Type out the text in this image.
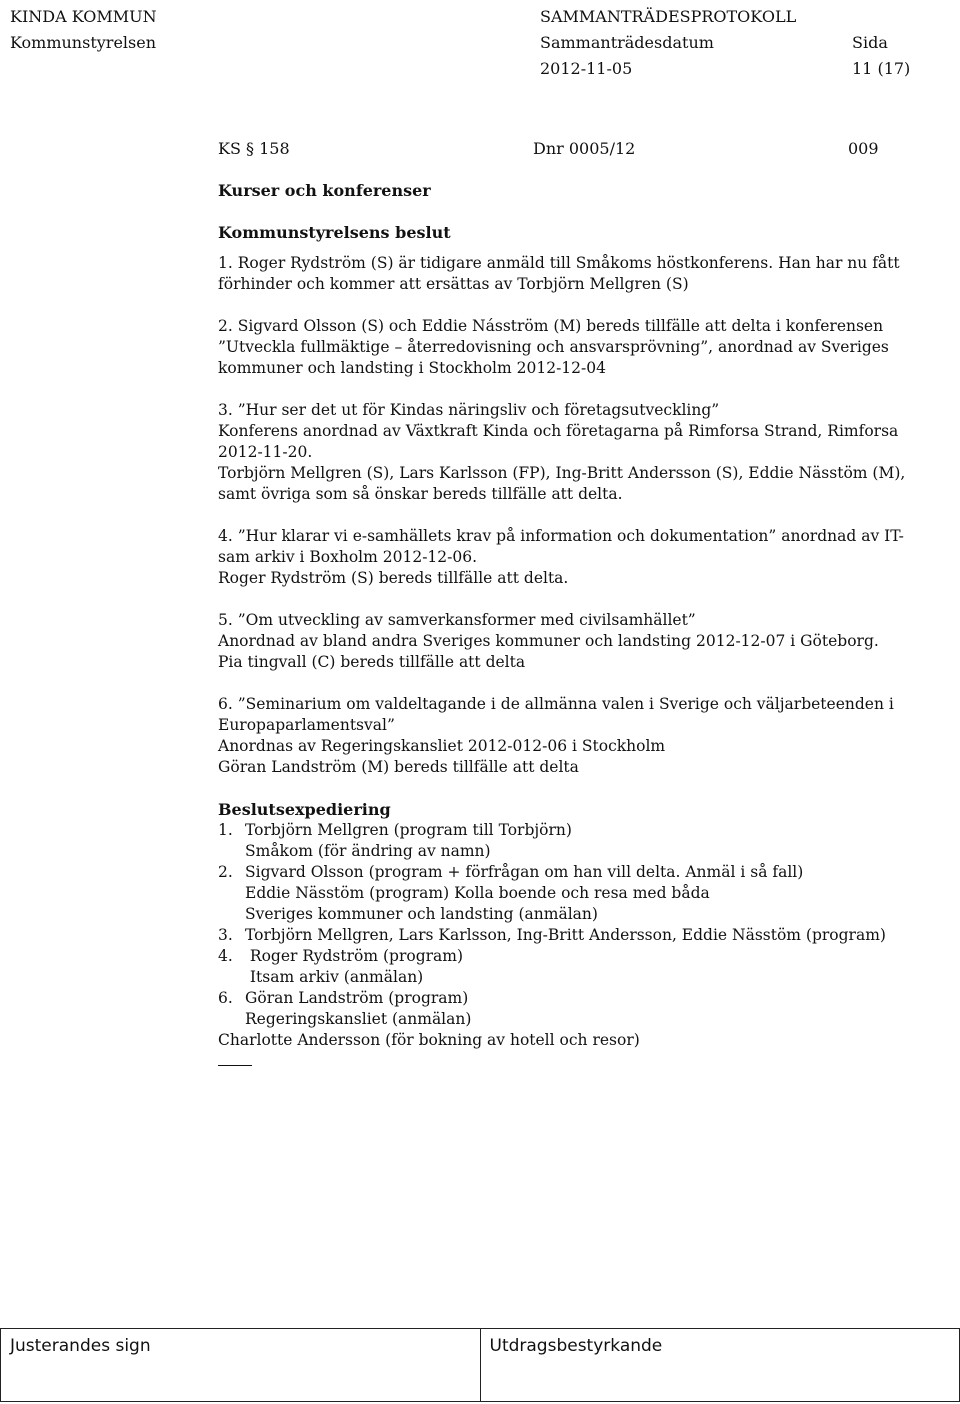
KINDA KOMMUN
Kommunstyrelsen
SAMMANTRÄDESPROTOKOLL
Sammanträdesdatum
2012-11-05
Sida
11 (17)
KS § 158	Dnr 0005/12	009
Kurser och konferenser
Kommunstyrelsens beslut

1. Roger Rydström (S) är tidigare anmäld till Småkoms höstkonferens. Han har nu fått

förhinder och kommer att ersättas av Torbjörn Mellgren (S)

2. Sigvard Olsson (S) och Eddie Násström (M) bereds tillfälle att delta i konferensen

”Utveckla fullmäktige – återredovisning och ansvarsprövning”, anordnad av Sveriges

kommuner och landsting i Stockholm 2012-12-04

3. ”Hur ser det ut för Kindas näringsliv och företagsutveckling”

Konferens anordnad av Växtkraft Kinda och företagarna på Rimforsa Strand, Rimforsa

2012-11-20.

Torbjörn Mellgren (S), Lars Karlsson (FP), Ing-Britt Andersson (S), Eddie Nässtöm (M),

samt övriga som så önskar bereds tillfälle att delta.

4. ”Hur klarar vi e-samhällets krav på information och dokumentation” anordnad av IT-

sam arkiv i Boxholm 2012-12-06.

Roger Rydström (S) bereds tillfälle att delta.

5. ”Om utveckling av samverkansformer med civilsamhället”

Anordnad av bland andra Sveriges kommuner och landsting 2012-12-07 i Göteborg.

Pia tingvall (C) bereds tillfälle att delta

6. ”Seminarium om valdeltagande i de allmänna valen i Sverige och väljarbeteenden i

Europaparlamentsval”

Anordnas av Regeringskansliet 2012-012-06 i Stockholm

Göran Landström (M) bereds tillfälle att delta

Beslutsexpediering
1. Torbjörn Mellgren (program till Torbjörn)
Småkom (för ändring av namn)
2. Sigvard Olsson (program + förfrågan om han vill delta. Anmäl i så fall)
Eddie Nässtöm (program) Kolla boende och resa med båda
Sveriges kommuner och landsting (anmälan)
3. Torbjörn Mellgren, Lars Karlsson, Ing-Britt Andersson, Eddie Nässtöm (program)
4. Roger Rydström (program)
Itsam arkiv (anmälan)
6. Göran Landström (program)
Regeringskansliet (anmälan)
Charlotte Andersson (för bokning av hotell och resor)
Justerandes sign	Utdragsbestyrkande
